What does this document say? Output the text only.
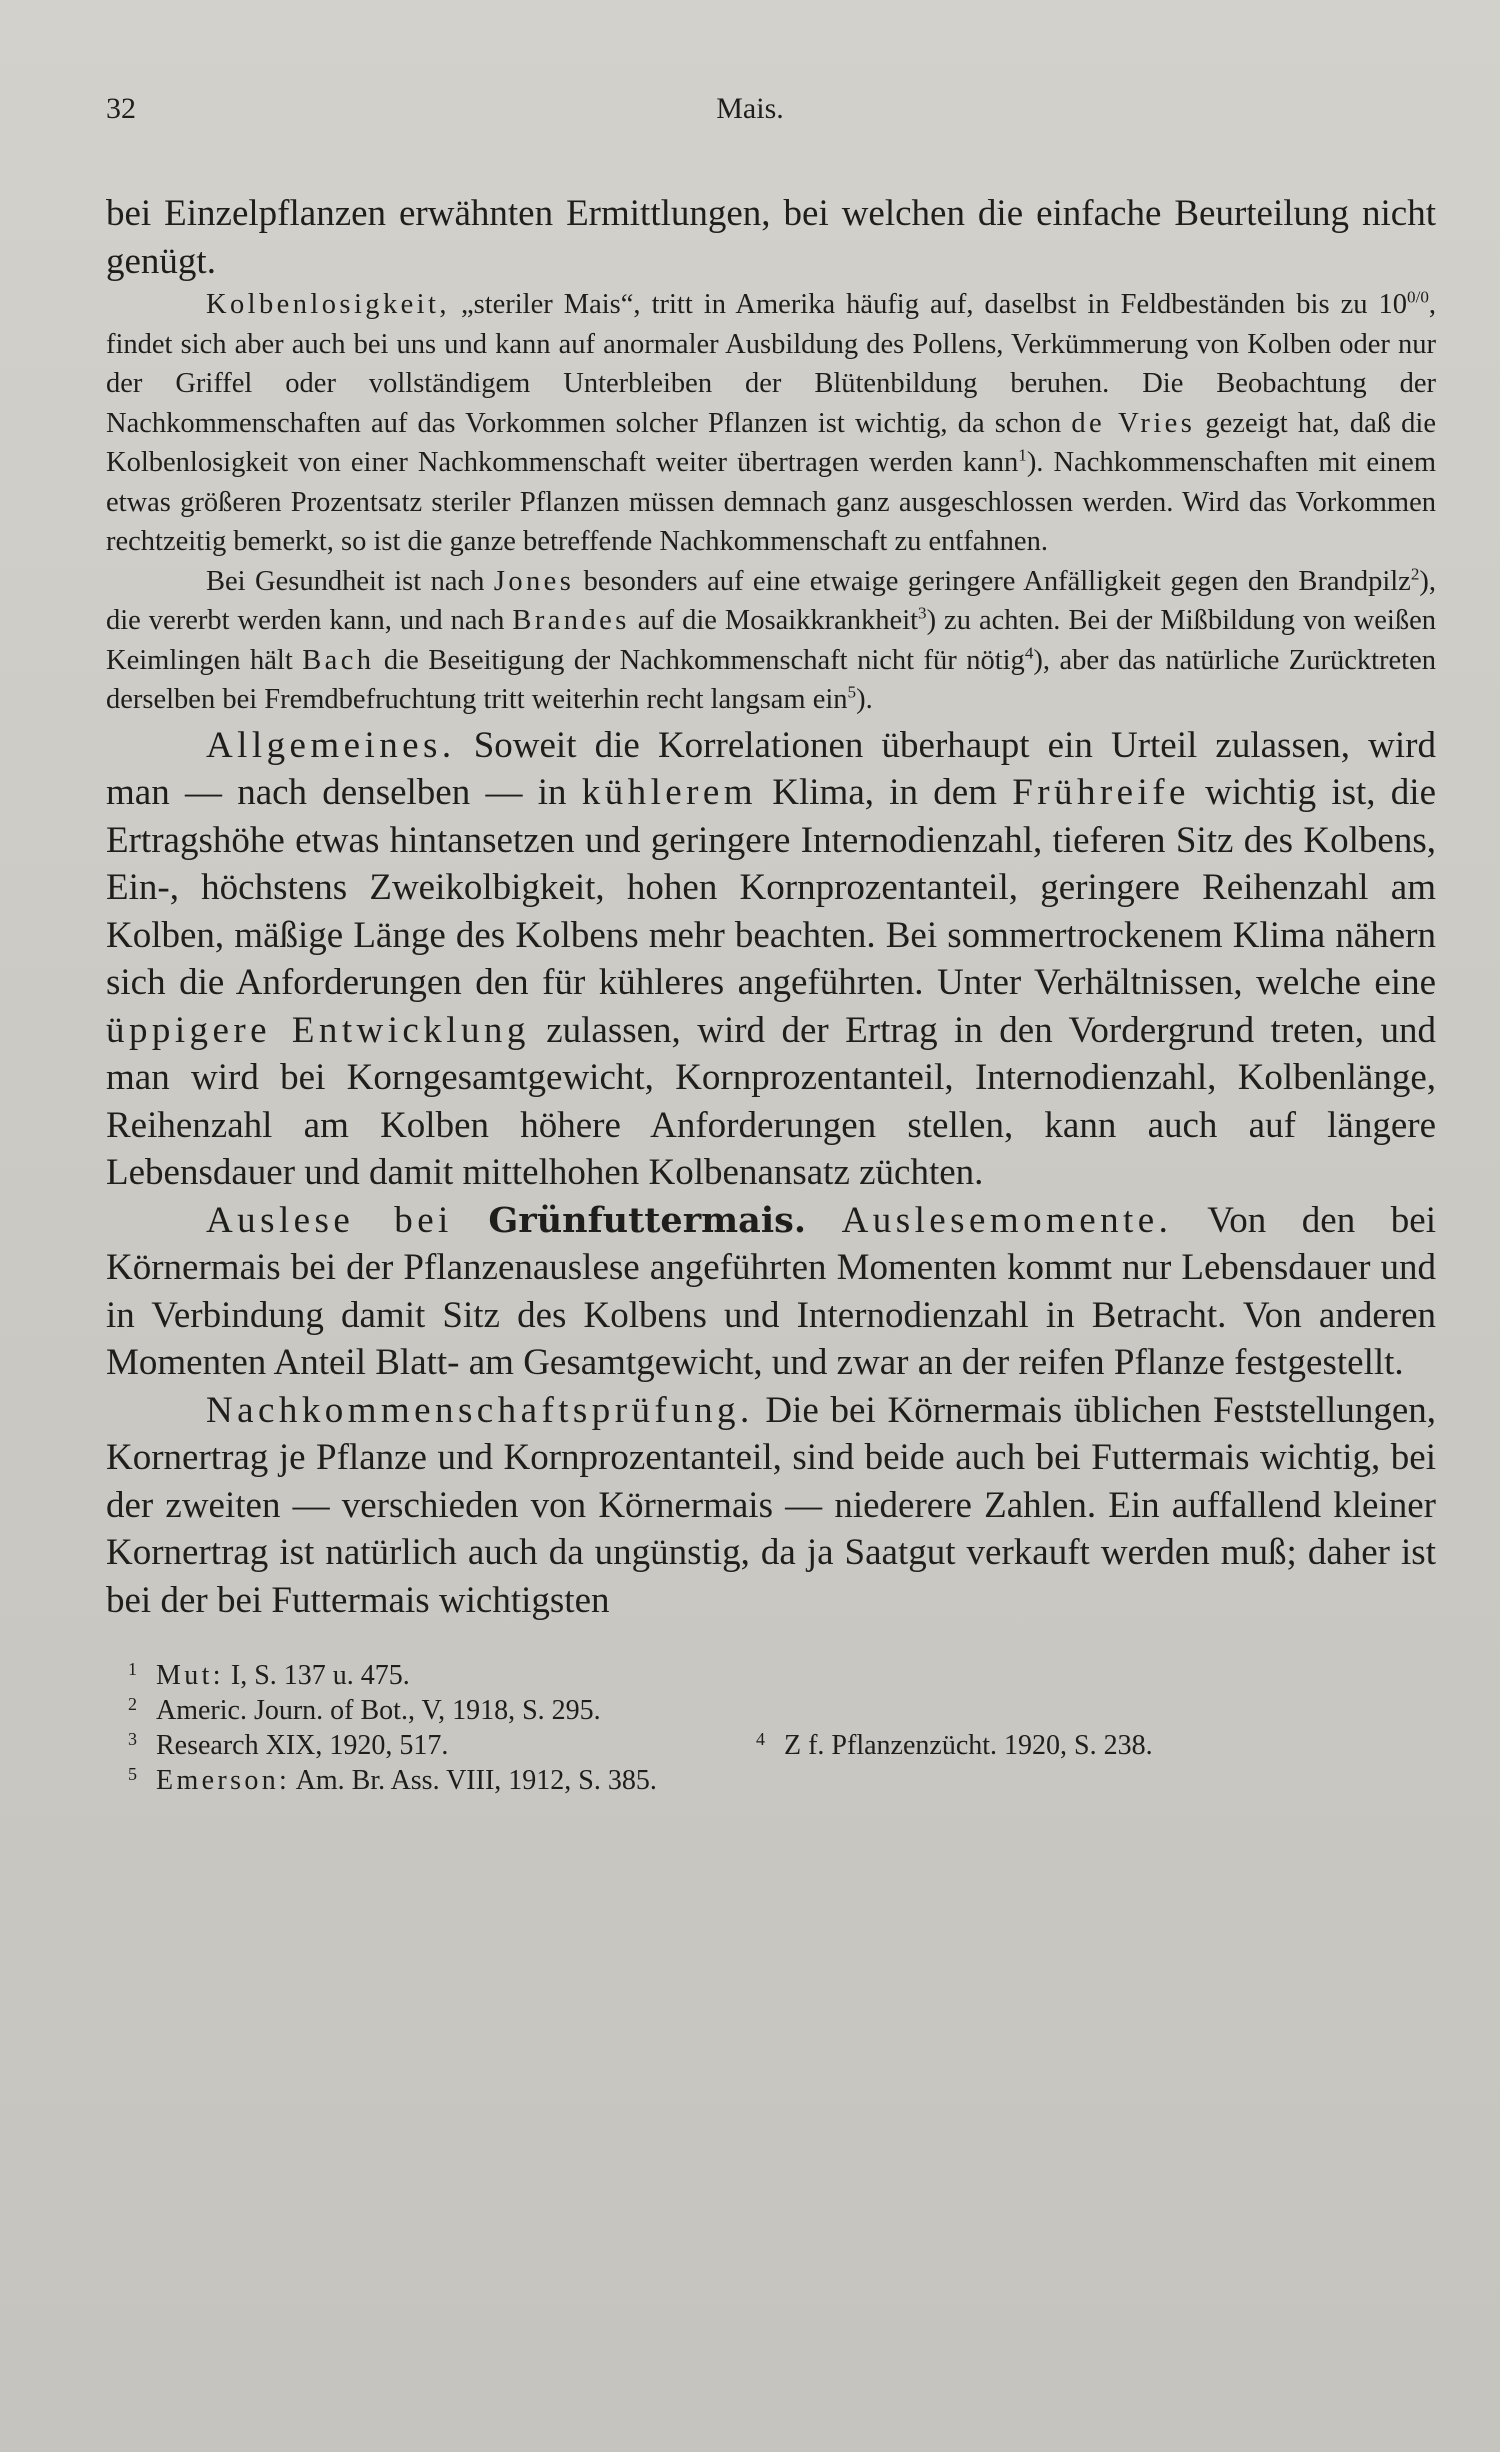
32	Mais.

bei Einzelpflanzen erwähnten Ermittlungen, bei welchen die einfache Beurteilung nicht genügt.

Kolbenlosigkeit, „steriler Mais“, tritt in Amerika häufig auf, daselbst in Feldbeständen bis zu $10^{0/0}$, findet sich aber auch bei uns und kann auf anormaler Ausbildung des Pollens, Verkümmerung von Kolben oder nur der Griffel oder vollständigem Unterbleiben der Blütenbildung beruhen. Die Beobachtung der Nachkommenschaften auf das Vorkommen solcher Pflanzen ist wichtig, da schon de Vries gezeigt hat, daß die Kolbenlosigkeit von einer Nachkommenschaft weiter übertragen werden kann$^1$). Nachkommenschaften mit einem etwas größeren Prozentsatz steriler Pflanzen müssen demnach ganz ausgeschlossen werden. Wird das Vorkommen rechtzeitig bemerkt, so ist die ganze betreffende Nachkommenschaft zu entfahnen.

Bei Gesundheit ist nach Jones besonders auf eine etwaige geringere Anfälligkeit gegen den Brandpilz$^2$), die vererbt werden kann, und nach Brandes auf die Mosaikkrankheit$^3$) zu achten. Bei der Mißbildung von weißen Keimlingen hält Bach die Beseitigung der Nachkommenschaft nicht für nötig$^4$), aber das natürliche Zurücktreten derselben bei Fremdbefruchtung tritt weiterhin recht langsam ein$^5$).

Allgemeines. Soweit die Korrelationen überhaupt ein Urteil zulassen, wird man — nach denselben — in kühlerem Klima, in dem Frühreife wichtig ist, die Ertragshöhe etwas hintansetzen und geringere Internodienzahl, tieferen Sitz des Kolbens, Ein-, höchstens Zweikolbigkeit, hohen Kornprozentanteil, geringere Reihenzahl am Kolben, mäßige Länge des Kolbens mehr beachten. Bei sommertrockenem Klima nähern sich die Anforderungen den für kühleres angeführten. Unter Verhältnissen, welche eine üppigere Entwicklung zulassen, wird der Ertrag in den Vordergrund treten, und man wird bei Korngesamtgewicht, Kornprozentanteil, Internodienzahl, Kolbenlänge, Reihenzahl am Kolben höhere Anforderungen stellen, kann auch auf längere Lebensdauer und damit mittelhohen Kolbenansatz züchten.

Auslese bei Grünfuttermais. Auslesemomente. Von den bei Körnermais bei der Pflanzenauslese angeführten Momenten kommt nur Lebensdauer und in Verbindung damit Sitz des Kolbens und Internodienzahl in Betracht. Von anderen Momenten Anteil Blatt- am Gesamtgewicht, und zwar an der reifen Pflanze festgestellt.

Nachkommenschaftsprüfung. Die bei Körnermais üblichen Feststellungen, Kornertrag je Pflanze und Kornprozentanteil, sind beide auch bei Futtermais wichtig, bei der zweiten — verschieden von Körnermais — niederere Zahlen. Ein auffallend kleiner Kornertrag ist natürlich auch da ungünstig, da ja Saatgut verkauft werden muß; daher ist bei der bei Futtermais wichtigsten

1 Mut: I, S. 137 u. 475.
2 Americ. Journ. of Bot., V, 1918, S. 295.
3 Research XIX, 1920, 517.	4 Z f. Pflanzenzücht. 1920, S. 238.
5 Emerson: Am. Br. Ass. VIII, 1912, S. 385.
